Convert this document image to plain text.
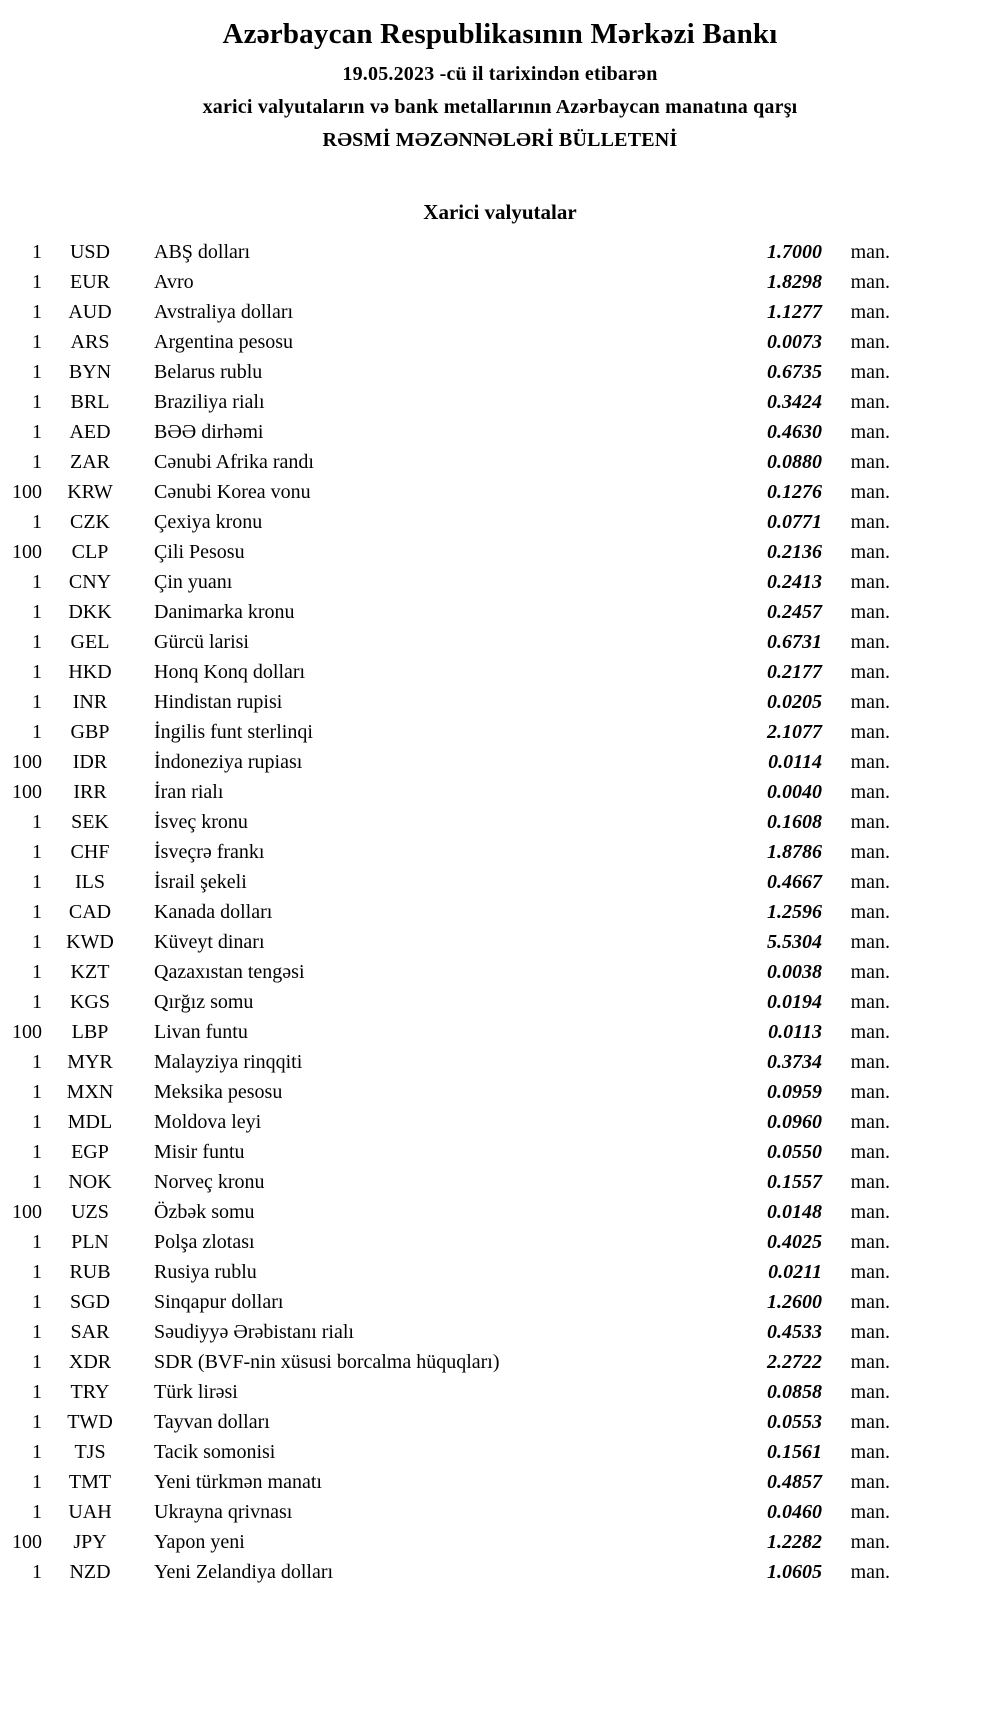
Azərbaycan Respublikasının Mərkəzi Bankı
19.05.2023 -cü il tarixindən etibarən
xarici valyutaların və bank metallarının Azərbaycan manatına qarşı
RƏSMİ MƏZƏNNƏLƏRİ BÜLLETENİ
Xarici valyutalar
1	USD	ABŞ dolları	1.7000	man.
1	EUR	Avro	1.8298	man.
1	AUD	Avstraliya dolları	1.1277	man.
1	ARS	Argentina pesosu	0.0073	man.
1	BYN	Belarus rublu	0.6735	man.
1	BRL	Braziliya rialı	0.3424	man.
1	AED	BƏƏ dirhəmi	0.4630	man.
1	ZAR	Cənubi Afrika randı	0.0880	man.
100	KRW	Cənubi Korea vonu	0.1276	man.
1	CZK	Çexiya kronu	0.0771	man.
100	CLP	Çili Pesosu	0.2136	man.
1	CNY	Çin yuanı	0.2413	man.
1	DKK	Danimarka kronu	0.2457	man.
1	GEL	Gürcü larisi	0.6731	man.
1	HKD	Honq Konq dolları	0.2177	man.
1	INR	Hindistan rupisi	0.0205	man.
1	GBP	İngilis funt sterlinqi	2.1077	man.
100	IDR	İndoneziya rupiası	0.0114	man.
100	IRR	İran rialı	0.0040	man.
1	SEK	İsveç kronu	0.1608	man.
1	CHF	İsveçrə frankı	1.8786	man.
1	ILS	İsrail şekeli	0.4667	man.
1	CAD	Kanada dolları	1.2596	man.
1	KWD	Küveyt dinarı	5.5304	man.
1	KZT	Qazaxıstan tengəsi	0.0038	man.
1	KGS	Qırğız somu	0.0194	man.
100	LBP	Livan funtu	0.0113	man.
1	MYR	Malayziya rinqqiti	0.3734	man.
1	MXN	Meksika pesosu	0.0959	man.
1	MDL	Moldova leyi	0.0960	man.
1	EGP	Misir funtu	0.0550	man.
1	NOK	Norveç kronu	0.1557	man.
100	UZS	Özbək somu	0.0148	man.
1	PLN	Polşa zlotası	0.4025	man.
1	RUB	Rusiya rublu	0.0211	man.
1	SGD	Sinqapur dolları	1.2600	man.
1	SAR	Səudiyyə Ərəbistanı rialı	0.4533	man.
1	XDR	SDR (BVF-nin xüsusi borcalma hüquqları)	2.2722	man.
1	TRY	Türk lirəsi	0.0858	man.
1	TWD	Tayvan dolları	0.0553	man.
1	TJS	Tacik somonisi	0.1561	man.
1	TMT	Yeni türkmən manatı	0.4857	man.
1	UAH	Ukrayna qrivnası	0.0460	man.
100	JPY	Yapon yeni	1.2282	man.
1	NZD	Yeni Zelandiya dolları	1.0605	man.
